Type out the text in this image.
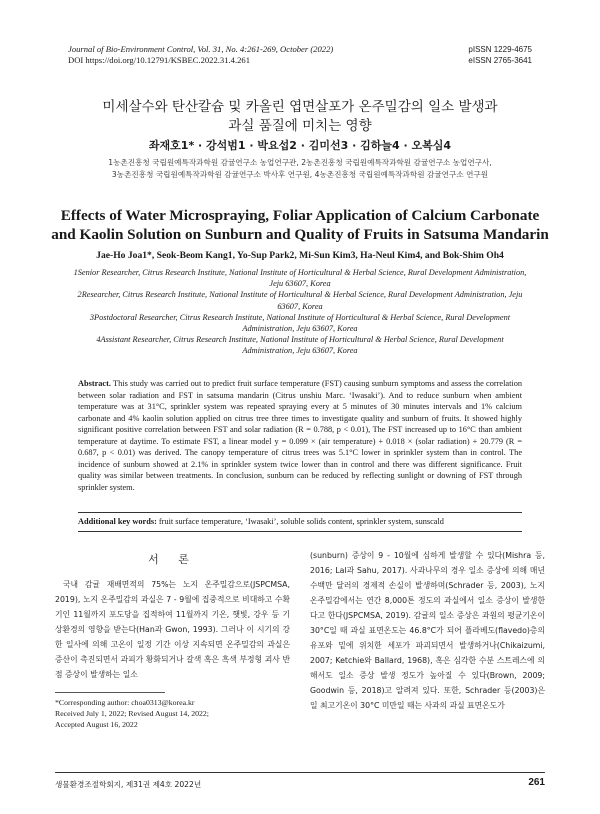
Journal of Bio-Environment Control, Vol. 31, No. 4:261-269, October (2022)
DOI https://doi.org/10.12791/KSBEC.2022.31.4.261
pISSN 1229-4675
eISSN 2765-3641
미세살수와 탄산칼슘 및 카올린 엽면살포가 온주밀감의 일소 발생과
과실 품질에 미치는 영향
좌재호1* · 강석범1 · 박요섭2 · 김미선3 · 김하늘4 · 오복심4
1농촌진흥청 국립원예특작과학원 감귤연구소 농업연구관, 2농촌진흥청 국립원예특작과학원 감귤연구소 농업연구사,
3농촌진흥청 국립원예특작과학원 감귤연구소 박사후 연구원, 4농촌진흥청 국립원예특작과학원 감귤연구소 연구원
Effects of Water Microspraying, Foliar Application of Calcium Carbonate
and Kaolin Solution on Sunburn and Quality of Fruits in Satsuma Mandarin
Jae-Ho Joa1*, Seok-Beom Kang1, Yo-Sup Park2, Mi-Sun Kim3, Ha-Neul Kim4, and Bok-Shim Oh4

1Senior Researcher, Citrus Research Institute, National Institute of Horticultural & Herbal Science, Rural Development Administration, Jeju 63607, Korea

2Researcher, Citrus Research Institute, National Institute of Horticultural & Herbal Science, Rural Development Administration, Jeju 63607, Korea

3Postdoctoral Researcher, Citrus Research Institute, National Institute of Horticultural & Herbal Science, Rural Development Administration, Jeju 63607, Korea

4Assistant Researcher, Citrus Research Institute, National Institute of Horticultural & Herbal Science, Rural Development Administration, Jeju 63607, Korea

Abstract. This study was carried out to predict fruit surface temperature (FST) causing sunburn symptoms and assess the correlation between solar radiation and FST in satsuma mandarin (Citrus unshiu Marc. ‘Iwasaki’). And to reduce sunburn when ambient temperature was at 31°C, sprinkler system was repeated spraying every at 5 minutes of 30 minutes intervals and 1% calcium carbonate and 4% kaolin solution applied on citrus tree three times to investigate quality and sunburn of fruits. It showed highly significant positive correlation between FST and solar radiation (R = 0.788, p < 0.01), The FST increased up to 16°C than ambient temperature at daytime. To estimate FST, a linear model y = 0.099 × (air temperature) + 0.018 × (solar radiation) + 20.779 (R = 0.687, p < 0.01) was derived. The canopy temperature of citrus trees was 5.1°C lower in sprinkler system than in control. The incidence of sunburn showed at 2.1% in sprinkler system twice lower than in control and there was different significance. Fruit quality was similar between treatments. In conclusion, sunburn can be reduced by reflecting sunlight or downing of FST through sprinkler system.
Additional key words: fruit surface temperature, ‘Iwasaki’, soluble solids content, sprinkler system, sunscald
서 론
국내 감귤 재배면적의 75%는 노지 온주밀감으로(JSPCMSA, 2019), 노지 온주밀감의 과실은 7 - 9월에 집중적으로 비대하고 수확기인 11월까지 포도당을 집적하여 11월까지 기온, 햇빛, 강우 등 기상환경의 영향을 받는다(Han과 Gwon, 1993). 그러나 이 시기의 강한 일사에 의해 고온이 일정 기간 이상 지속되면 온주밀감의 과실은 증산이 촉진되면서 과피가 황화되거나 갈색 혹은 흑색 부정형 괴사 반점 증상이 발생하는 일소
(sunburn) 증상이 9 - 10월에 심하게 발생할 수 있다(Mishra 등, 2016; Lal과 Sahu, 2017). 사과나무의 경우 일소 증상에 의해 매년 수백만 달러의 경제적 손실이 발생하며(Schrader 등, 2003), 노지 온주밀감에서는 연간 8,000톤 정도의 과실에서 일소 증상이 발생한다고 한다(JSPCMSA, 2019). 감귤의 일소 증상은 과원의 평균기온이 30°C일 때 과실 표면온도는 46.8°C가 되어 플라베도(flavedo)층의 유포와 밑에 위치한 세포가 파괴되면서 발생하거나(Chikaizumi, 2007; Ketchie와 Ballard, 1968), 혹은 심각한 수분 스트레스에 의해서도 일소 증상 발생 정도가 높아질 수 있다(Brown, 2009; Goodwin 등, 2018)고 알려져 있다. 또한, Schrader 등(2003)은 일 최고기온이 30°C 미만일 때는 사과의 과실 표면온도가
*Corresponding author: choa0313@korea.kr
Received July 1, 2022; Revised August 14, 2022;
Accepted August 16, 2022
생물환경조절학회지, 제31권 제4호 2022년	261
